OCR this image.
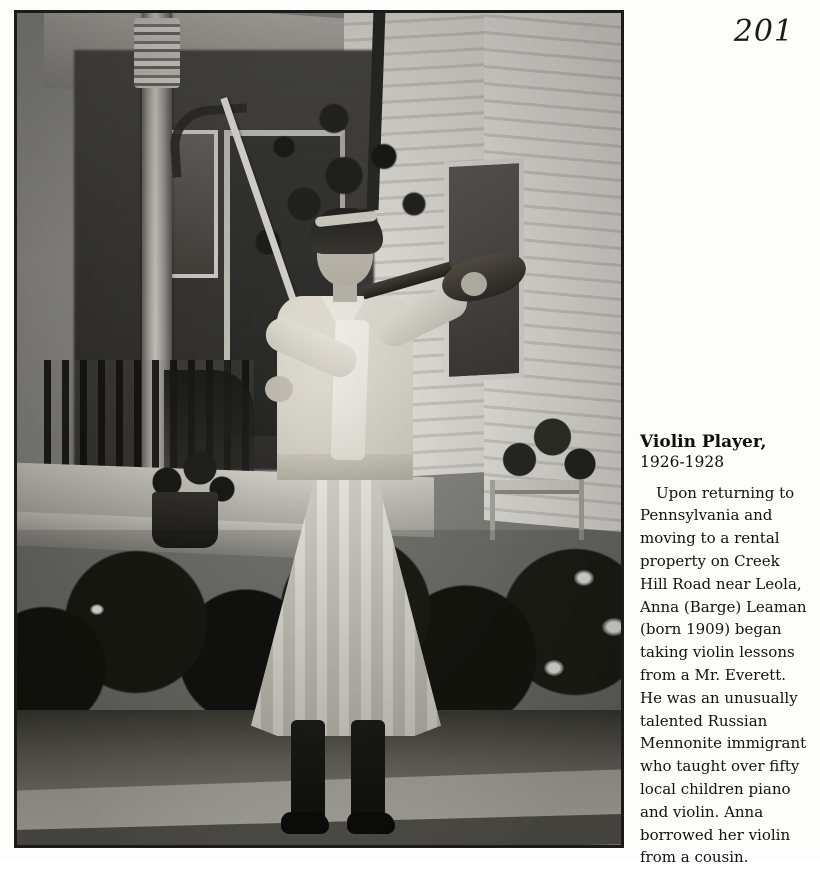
201
Violin Player,
1926-1928

Upon returning to Pennsylvania and moving to a rental property on Creek Hill Road near Leola, Anna (Barge) Leaman (born 1909) began taking violin lessons from a Mr. Everett. He was an unusually talented Russian Mennonite immigrant who taught over fifty local children piano and violin. Anna borrowed her violin from a cousin.
